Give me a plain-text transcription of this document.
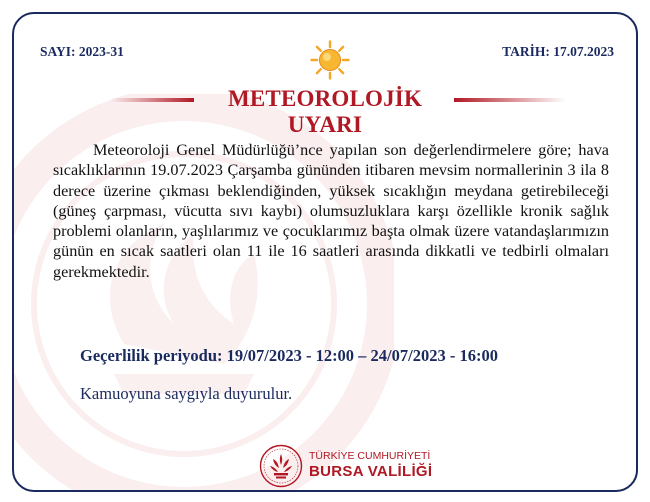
SAYI: 2023-31	TARİH: 17.07.2023
METEOROLOJİK UYARI
Meteoroloji Genel Müdürlüğü’nce yapılan son değerlendirmelere göre; hava sıcaklıklarının 19.07.2023 Çarşamba gününden itibaren mevsim normallerinin 3 ila 8 derece üzerine çıkması beklendiğinden, yüksek sıcaklığın meydana getirebileceği (güneş çarpması, vücutta sıvı kaybı) olumsuzluklara karşı özellikle kronik sağlık problemi olanların, yaşlılarımız ve çocuklarımız başta olmak üzere vatandaşlarımızın günün en sıcak saatleri olan 11 ile 16 saatleri arasında dikkatli ve tedbirli olmaları gerekmektedir.
Geçerlilik periyodu: 19/07/2023 - 12:00 – 24/07/2023 - 16:00
Kamuoyuna saygıyla duyurulur.
TÜRKİYE CUMHURİYETİ
BURSA VALİLİĞİ
